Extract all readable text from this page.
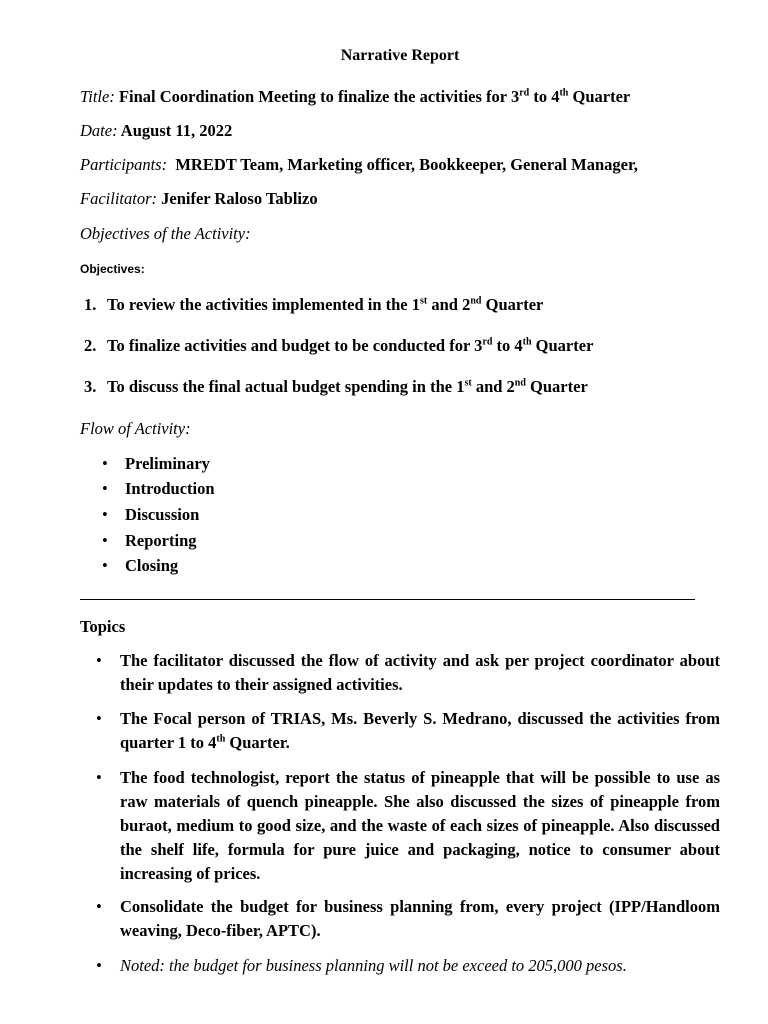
Narrative Report
Title: Final Coordination Meeting to finalize the activities for 3rd to 4th Quarter
Date: August 11, 2022
Participants: MREDT Team, Marketing officer, Bookkeeper, General Manager,
Facilitator: Jenifer Raloso Tablizo
Objectives of the Activity:
Objectives:
1. To review the activities implemented in the 1st and 2nd Quarter
2. To finalize activities and budget to be conducted for 3rd to 4th Quarter
3. To discuss the final actual budget spending in the 1st and 2nd Quarter
Flow of Activity:
• Preliminary
• Introduction
• Discussion
• Reporting
• Closing
Topics
• The facilitator discussed the flow of activity and ask per project coordinator about their updates to their assigned activities.
• The Focal person of TRIAS, Ms. Beverly S. Medrano, discussed the activities from quarter 1 to 4th Quarter.
• The food technologist, report the status of pineapple that will be possible to use as raw materials of quench pineapple. She also discussed the sizes of pineapple from buraot, medium to good size, and the waste of each sizes of pineapple. Also discussed the shelf life, formula for pure juice and packaging, notice to consumer about increasing of prices.
• Consolidate the budget for business planning from, every project (IPP/Handloom weaving, Deco-fiber, APTC).
• Noted: the budget for business planning will not be exceed to 205,000 pesos.
